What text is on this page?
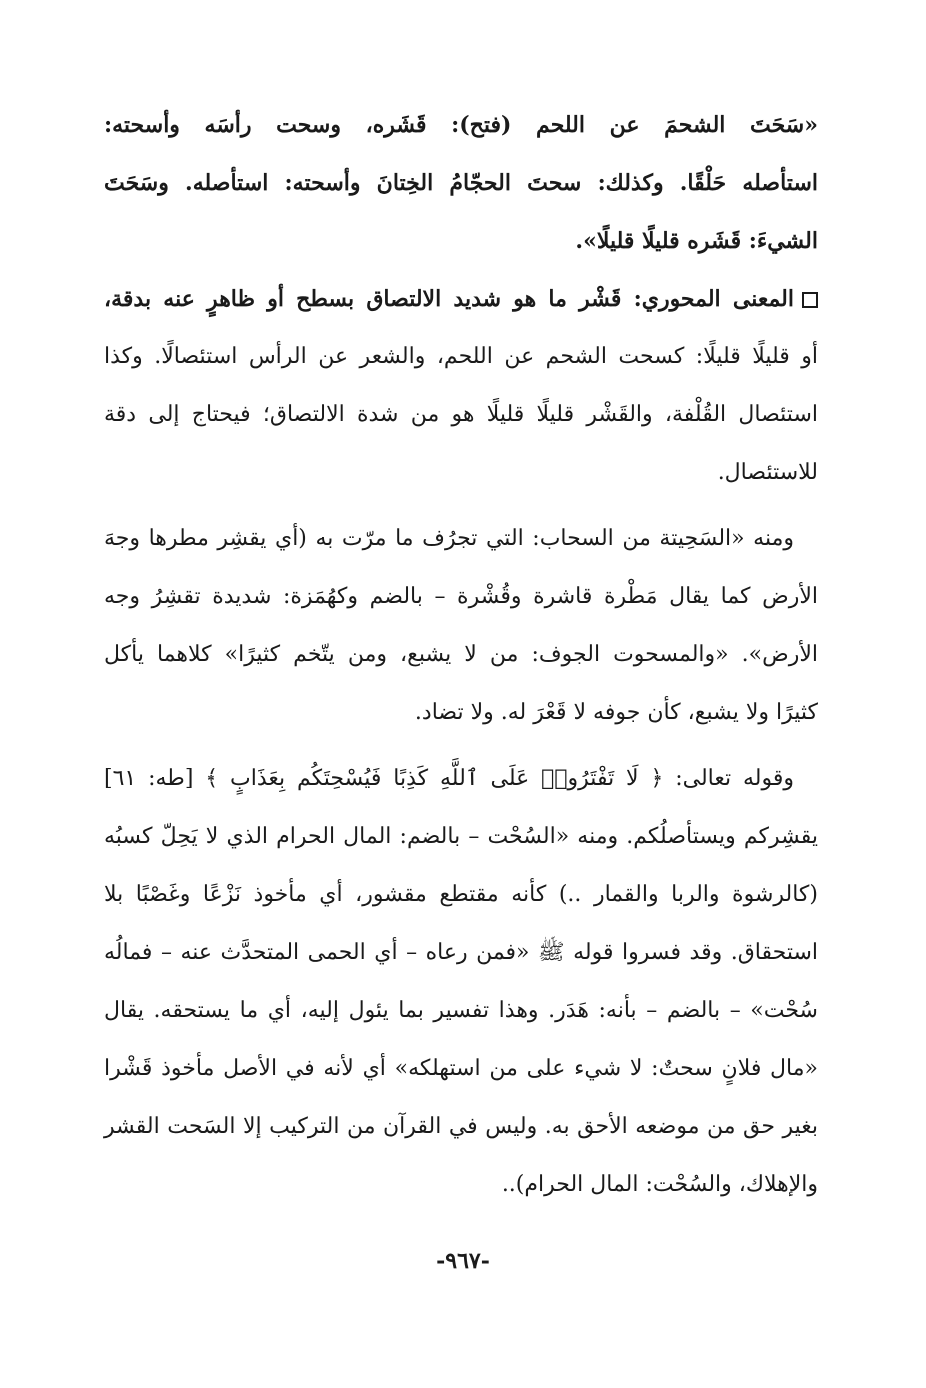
«سَحَتَ الشحمَ عن اللحم (فتح): قَشَره، وسحت رأسَه وأسحته:
استأصله حَلْقًا. وكذلك: سحتَ الحجّامُ الخِتانَ وأسحته: استأصله. وسَحَتَ
الشيءَ: قَشَره قليلًا قليلًا».
المعنى المحوري: قَشْر ما هو شديد الالتصاق بسطح أو ظاهرٍ عنه بدقة،
أو قليلًا قليلًا: كسحت الشحم عن اللحم، والشعر عن الرأس استئصالًا. وكذا
استئصال القُلْفة، والقَشْر قليلًا قليلًا هو من شدة الالتصاق؛ فيحتاج إلى دقة
للاستئصال.
ومنه «السَحِيتة من السحاب: التي تجرُف ما مرّت به (أي يقشِر مطرها وجهَ
الأرض كما يقال مَطْرة قاشرة وقُشْرة – بالضم وكهُمَزة: شديدة تقشِرُ وجه
الأرض». «والمسحوت الجوف: من لا يشبع، ومن يتّخم كثيرًا» كلاهما يأكل
كثيرًا ولا يشبع، كأن جوفه لا قَعْرَ له. ولا تضاد.
وقوله تعالى: ﴿ لَا تَفْتَرُوا۟ عَلَى ٱللَّهِ كَذِبًا فَيُسْحِتَكُم بِعَذَابٍ ﴾ [طه: ٦١]
يقشِركم ويستأصلُكم. ومنه «السُحْت – بالضم: المال الحرام الذي لا يَحِلّ كسبُه
(كالرشوة والربا والقمار ..) كأنه مقتطع مقشور، أي مأخوذ نَزْعًا وغَصْبًا بلا
استحقاق. وقد فسروا قوله ﷺ «فمن رعاه – أي الحمى المتحدَّث عنه – فمالُه
سُحْت» – بالضم – بأنه: هَدَر. وهذا تفسير بما يئول إليه، أي ما يستحقه. يقال
«مال فلانٍ سحتٌ: لا شيء على من استهلكه» أي لأنه في الأصل مأخوذ قَشْرا
بغير حق من موضعه الأحق به. وليس في القرآن من التركيب إلا السَحت القشر
والإهلاك، والسُحْت: المال الحرام)..
-٩٦٧-
